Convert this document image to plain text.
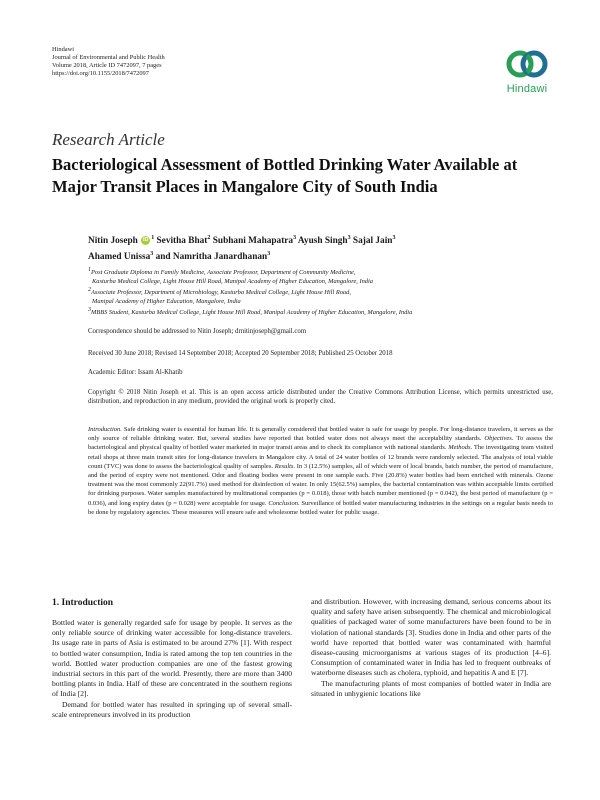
Hindawi
Journal of Environmental and Public Health
Volume 2018, Article ID 7472097, 7 pages
https://doi.org/10.1155/2018/7472097
Hindawi
Research Article
Bacteriological Assessment of Bottled Drinking Water Available at Major Transit Places in Mangalore City of South India
Nitin Joseph iD $^1$ Sevitha Bhat$^2$ Subhani Mahapatra$^3$ Ayush Singh$^3$ Sajal Jain$^3$
Ahamed Unissa$^3$ and Namritha Janardhanan$^3$
$^1$Post Graduate Diploma in Family Medicine, Associate Professor, Department of Community Medicine,
Kasturba Medical College, Light House Hill Road, Manipal Academy of Higher Education, Mangalore, India
$^2$Associate Professor, Department of Microbiology, Kasturba Medical College, Light House Hill Road,
Manipal Academy of Higher Education, Mangalore, India
$^3$MBBS Student, Kasturba Medical College, Light House Hill Road, Manipal Academy of Higher Education, Mangalore, India
Correspondence should be addressed to Nitin Joseph; drnitinjoseph@gmail.com
Received 30 June 2018; Revised 14 September 2018; Accepted 20 September 2018; Published 25 October 2018
Academic Editor: Issam Al-Khatib
Copyright © 2018 Nitin Joseph et al. This is an open access article distributed under the Creative Commons Attribution License, which permits unrestricted use, distribution, and reproduction in any medium, provided the original work is properly cited.
Introduction. Safe drinking water is essential for human life. It is generally considered that bottled water is safe for usage by people. For long-distance travelers, it serves as the only source of reliable drinking water. But, several studies have reported that bottled water does not always meet the acceptability standards. Objectives. To assess the bacteriological and physical quality of bottled water marketed in major transit areas and to check its compliance with national standards. Methods. The investigating team visited retail shops at three main transit sites for long-distance travelers in Mangalore city. A total of 24 water bottles of 12 brands were randomly selected. The analysis of total viable count (TVC) was done to assess the bacteriological quality of samples. Results. In 3 (12.5%) samples, all of which were of local brands, batch number, the period of manufacture, and the period of expiry were not mentioned. Odor and floating bodies were present in one sample each. Five (20.8%) water bottles had been enriched with minerals. Ozone treatment was the most commonly 22(91.7%) used method for disinfection of water. In only 15(62.5%) samples, the bacterial contamination was within acceptable limits certified for drinking purposes. Water samples manufactured by multinational companies (p = 0.018), those with batch number mentioned (p = 0.042), the best period of manufacture (p = 0.036), and long expiry dates (p = 0.028) were acceptable for usage. Conclusion. Surveillance of bottled water manufacturing industries in the settings on a regular basis needs to be done by regulatory agencies. These measures will ensure safe and wholesome bottled water for public usage.
1. Introduction

Bottled water is generally regarded safe for usage by people. It serves as the only reliable source of drinking water accessible for long-distance travelers. Its usage rate in parts of Asia is estimated to be around 27% [1]. With respect to bottled water consumption, India is rated among the top ten countries in the world. Bottled water production companies are one of the fastest growing industrial sectors in this part of the world. Presently, there are more than 3400 bottling plants in India. Half of these are concentrated in the southern regions of India [2].

Demand for bottled water has resulted in springing up of several small-scale entrepreneurs involved in its production

and distribution. However, with increasing demand, serious concerns about its quality and safety have arisen subsequently. The chemical and microbiological qualities of packaged water of some manufacturers have been found to be in violation of national standards [3]. Studies done in India and other parts of the world have reported that bottled water was contaminated with harmful disease-causing microorganisms at various stages of its production [4–6]. Consumption of contaminated water in India has led to frequent outbreaks of waterborne diseases such as cholera, typhoid, and hepatitis A and E [7].

The manufacturing plants of most companies of bottled water in India are situated in unhygienic locations like
